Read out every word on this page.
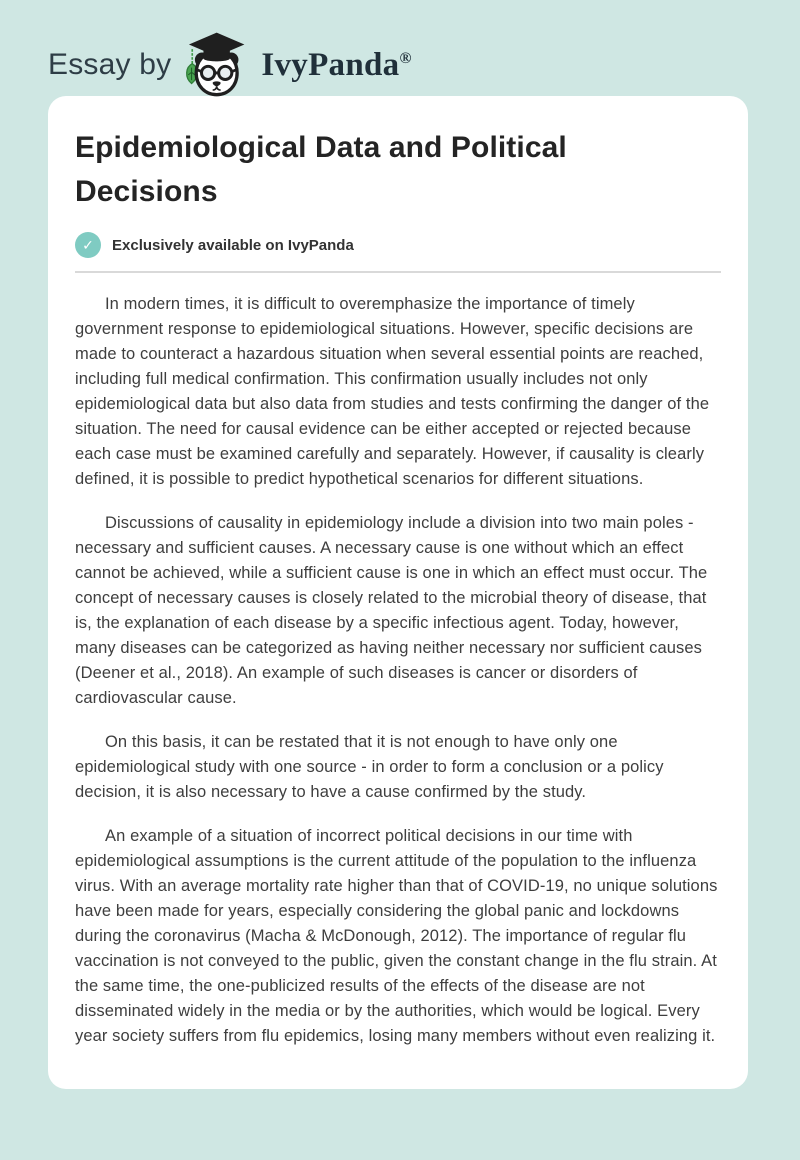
Essay by	IvyPanda®
Epidemiological Data and Political Decisions
✓	Exclusively available on IvyPanda

In modern times, it is difficult to overemphasize the importance of timely government response to epidemiological situations. However, specific decisions are made to counteract a hazardous situation when several essential points are reached, including full medical confirmation. This confirmation usually includes not only epidemiological data but also data from studies and tests confirming the danger of the situation. The need for causal evidence can be either accepted or rejected because each case must be examined carefully and separately. However, if causality is clearly defined, it is possible to predict hypothetical scenarios for different situations.

Discussions of causality in epidemiology include a division into two main poles - necessary and sufficient causes. A necessary cause is one without which an effect cannot be achieved, while a sufficient cause is one in which an effect must occur. The concept of necessary causes is closely related to the microbial theory of disease, that is, the explanation of each disease by a specific infectious agent. Today, however, many diseases can be categorized as having neither necessary nor sufficient causes (Deener et al., 2018). An example of such diseases is cancer or disorders of cardiovascular cause.

On this basis, it can be restated that it is not enough to have only one epidemiological study with one source - in order to form a conclusion or a policy decision, it is also necessary to have a cause confirmed by the study.

An example of a situation of incorrect political decisions in our time with epidemiological assumptions is the current attitude of the population to the influenza virus. With an average mortality rate higher than that of COVID-19, no unique solutions have been made for years, especially considering the global panic and lockdowns during the coronavirus (Macha & McDonough, 2012). The importance of regular flu vaccination is not conveyed to the public, given the constant change in the flu strain. At the same time, the one-publicized results of the effects of the disease are not disseminated widely in the media or by the authorities, which would be logical. Every year society suffers from flu epidemics, losing many members without even realizing it.
